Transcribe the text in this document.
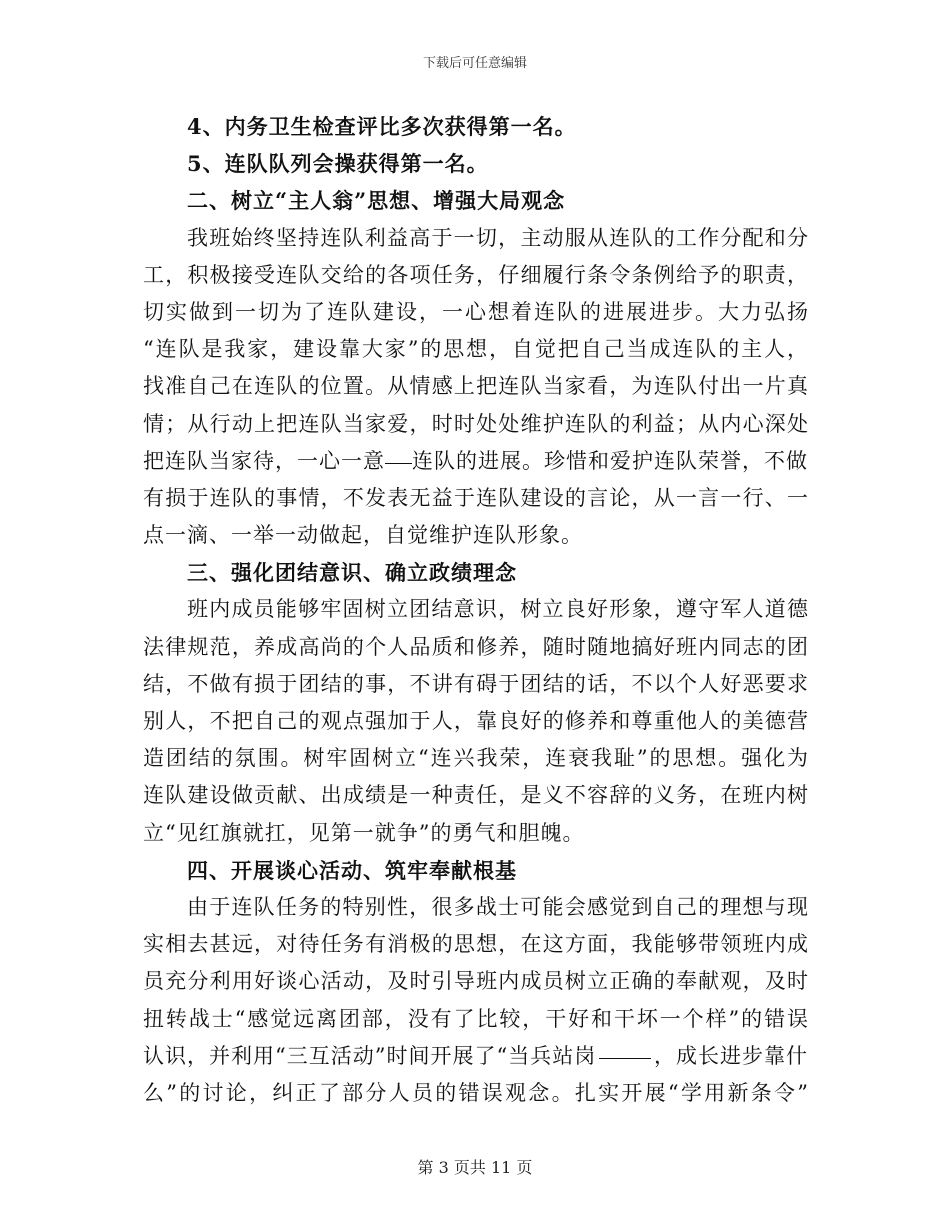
下载后可任意编辑
4、内务卫生检查评比多次获得第一名。
5、连队队列会操获得第一名。
二、树立“主人翁”思想、增强大局观念
我班始终坚持连队利益高于一切，主动服从连队的工作分配和分
工，积极接受连队交给的各项任务，仔细履行条令条例给予的职责，
切实做到一切为了连队建设，一心想着连队的进展进步。大力弘扬
“连队是我家，建设靠大家”的思想，自觉把自己当成连队的主人，
找准自己在连队的位置。从情感上把连队当家看，为连队付出一片真
情；从行动上把连队当家爱，时时处处维护连队的利益；从内心深处
把连队当家待，一心一意 连队的进展。珍惜和爱护连队荣誉，不做
有损于连队的事情，不发表无益于连队建设的言论，从一言一行、一
点一滴、一举一动做起，自觉维护连队形象。
三、强化团结意识、确立政绩理念
班内成员能够牢固树立团结意识，树立良好形象，遵守军人道德
法律规范，养成高尚的个人品质和修养，随时随地搞好班内同志的团
结，不做有损于团结的事，不讲有碍于团结的话，不以个人好恶要求
别人，不把自己的观点强加于人，靠良好的修养和尊重他人的美德营
造团结的氛围。树牢固树立“连兴我荣，连衰我耻”的思想。强化为
连队建设做贡献、出成绩是一种责任，是义不容辞的义务，在班内树
立“见红旗就扛，见第一就争”的勇气和胆魄。
四、开展谈心活动、筑牢奉献根基
由于连队任务的特别性，很多战士可能会感觉到自己的理想与现
实相去甚远，对待任务有消极的思想，在这方面，我能够带领班内成
员充分利用好谈心活动，及时引导班内成员树立正确的奉献观，及时
扭转战士“感觉远离团部，没有了比较，干好和干坏一个样”的错误
认识，并利用“三互活动”时间开展了“当兵站岗	，成长进步靠什
么”的讨论，纠正了部分人员的错误观念。扎实开展“学用新条令”
第 3 页共 11 页
